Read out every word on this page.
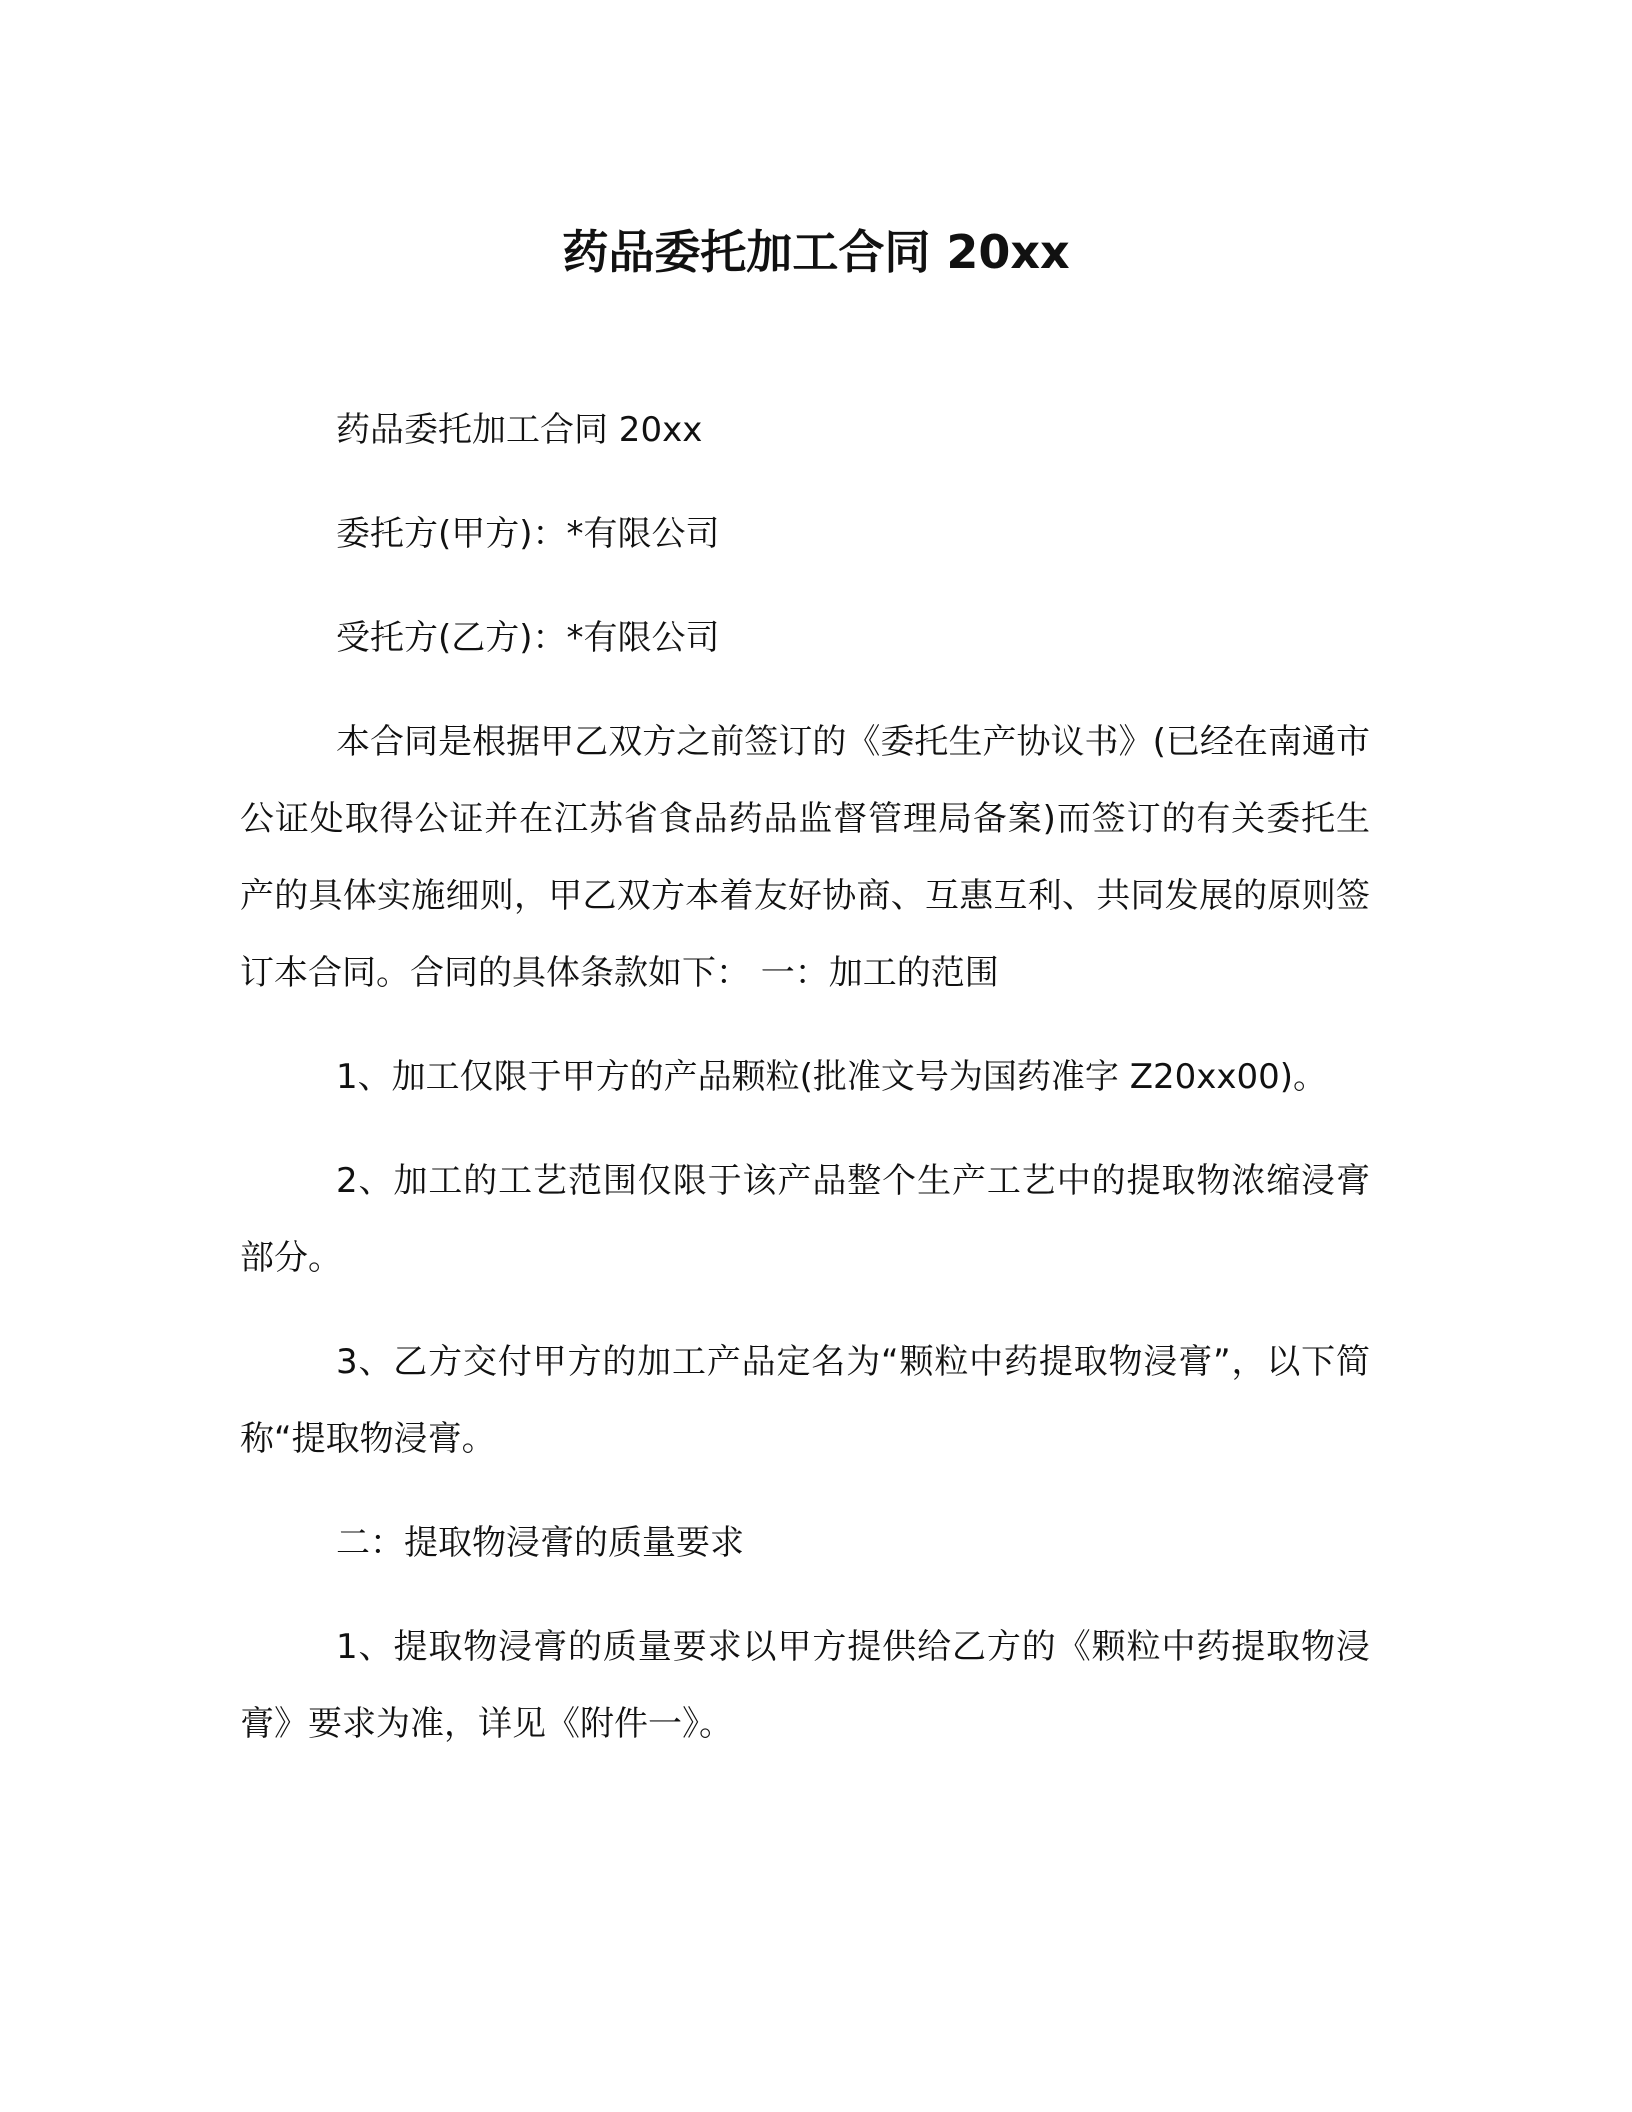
药品委托加工合同 20xx

药品委托加工合同 20xx

委托方(甲方)：*有限公司

受托方(乙方)：*有限公司

本合同是根据甲乙双方之前签订的《委托生产协议书》(已经在南通市公证处取得公证并在江苏省食品药品监督管理局备案)而签订的有关委托生产的具体实施细则，甲乙双方本着友好协商、互惠互利、共同发展的原则签订本合同。合同的具体条款如下： 一：加工的范围

1、加工仅限于甲方的产品颗粒(批准文号为国药准字 Z20xx00)。

2、加工的工艺范围仅限于该产品整个生产工艺中的提取物浓缩浸膏部分。

3、乙方交付甲方的加工产品定名为“颗粒中药提取物浸膏”，以下简称“提取物浸膏。

二：提取物浸膏的质量要求

1、提取物浸膏的质量要求以甲方提供给乙方的《颗粒中药提取物浸膏》要求为准，详见《附件一》。
